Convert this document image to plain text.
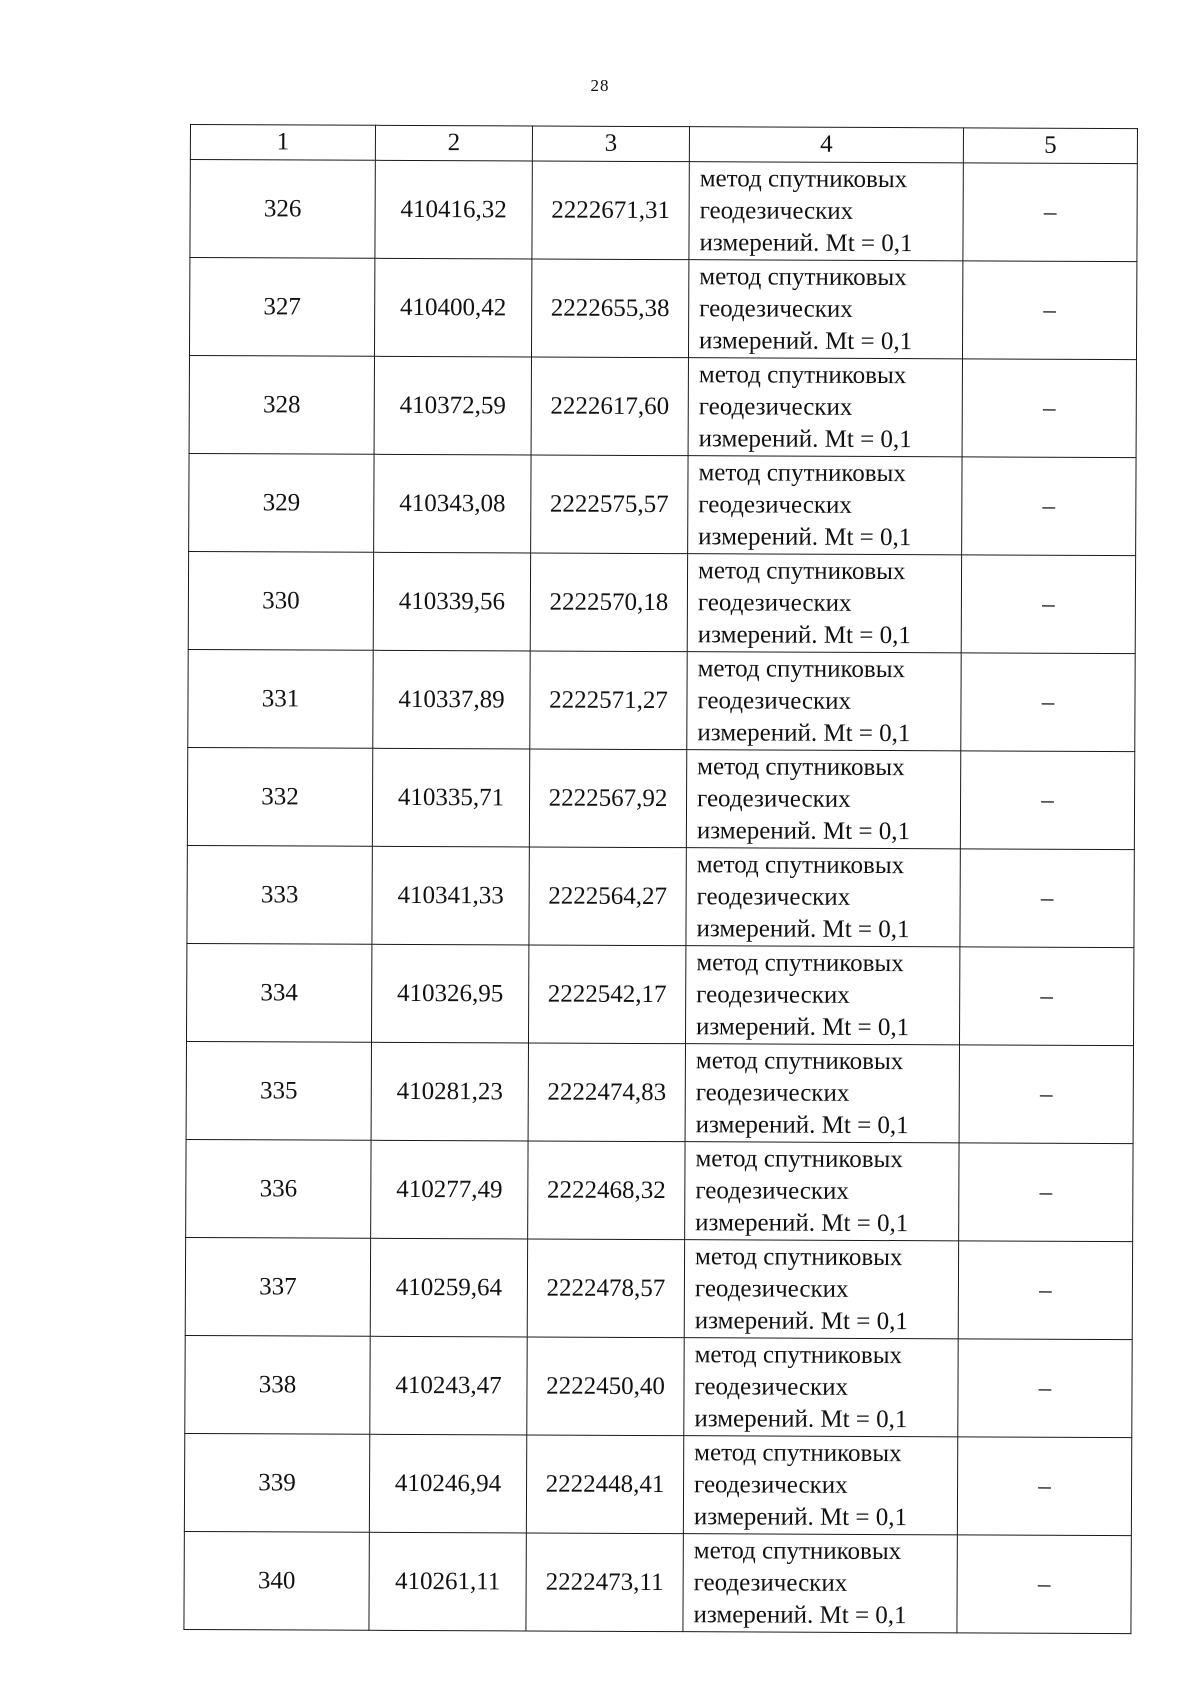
28
1	2	3	4	5
326	410416,32	2222671,31	метод спутниковых
геодезических
измерений. Mt = 0,1	–
327	410400,42	2222655,38	метод спутниковых
геодезических
измерений. Mt = 0,1	–
328	410372,59	2222617,60	метод спутниковых
геодезических
измерений. Mt = 0,1	–
329	410343,08	2222575,57	метод спутниковых
геодезических
измерений. Mt = 0,1	–
330	410339,56	2222570,18	метод спутниковых
геодезических
измерений. Mt = 0,1	–
331	410337,89	2222571,27	метод спутниковых
геодезических
измерений. Mt = 0,1	–
332	410335,71	2222567,92	метод спутниковых
геодезических
измерений. Mt = 0,1	–
333	410341,33	2222564,27	метод спутниковых
геодезических
измерений. Mt = 0,1	–
334	410326,95	2222542,17	метод спутниковых
геодезических
измерений. Mt = 0,1	–
335	410281,23	2222474,83	метод спутниковых
геодезических
измерений. Mt = 0,1	–
336	410277,49	2222468,32	метод спутниковых
геодезических
измерений. Mt = 0,1	–
337	410259,64	2222478,57	метод спутниковых
геодезических
измерений. Mt = 0,1	–
338	410243,47	2222450,40	метод спутниковых
геодезических
измерений. Mt = 0,1	–
339	410246,94	2222448,41	метод спутниковых
геодезических
измерений. Mt = 0,1	–
340	410261,11	2222473,11	метод спутниковых
геодезических
измерений. Mt = 0,1	–
